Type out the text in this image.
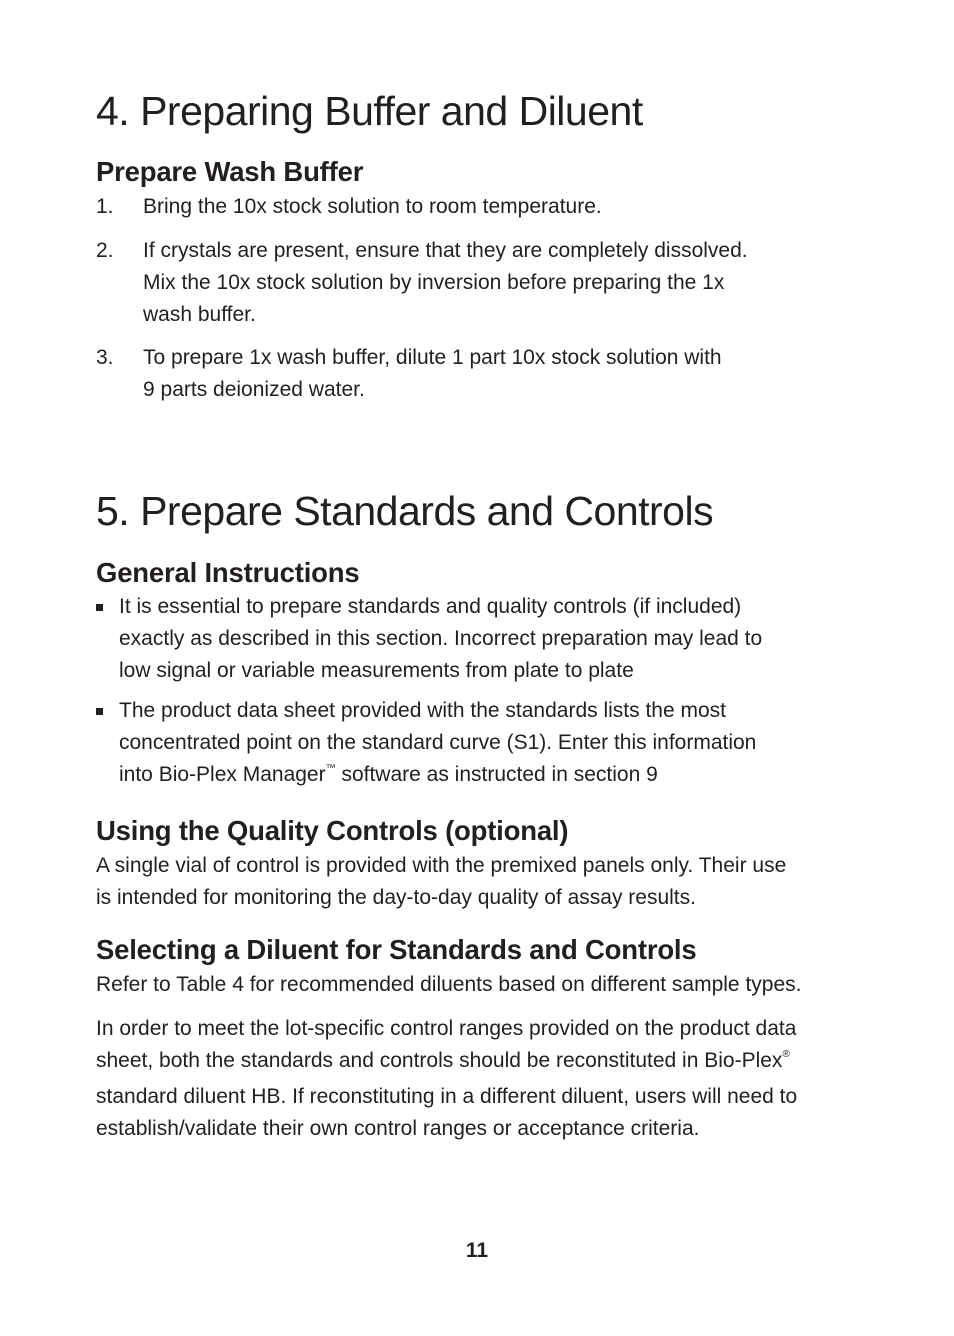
4. Preparing Buffer and Diluent
Prepare Wash Buffer
1. Bring the 10x stock solution to room temperature.
2. If crystals are present, ensure that they are completely dissolved.
Mix the 10x stock solution by inversion before preparing the 1x
wash buffer.
3. To prepare 1x wash buffer, dilute 1 part 10x stock solution with
9 parts deionized water.
5. Prepare Standards and Controls
General Instructions
It is essential to prepare standards and quality controls (if included)
exactly as described in this section. Incorrect preparation may lead to
low signal or variable measurements from plate to plate
The product data sheet provided with the standards lists the most
concentrated point on the standard curve (S1). Enter this information
into Bio-Plex Manager™ software as instructed in section 9
Using the Quality Controls (optional)

A single vial of control is provided with the premixed panels only. Their use
is intended for monitoring the day-to-day quality of assay results.

Selecting a Diluent for Standards and Controls

Refer to Table 4 for recommended diluents based on different sample types.

In order to meet the lot-specific control ranges provided on the product data
sheet, both the standards and controls should be reconstituted in Bio-Plex®
standard diluent HB. If reconstituting in a different diluent, users will need to
establish/validate their own control ranges or acceptance criteria.

11
